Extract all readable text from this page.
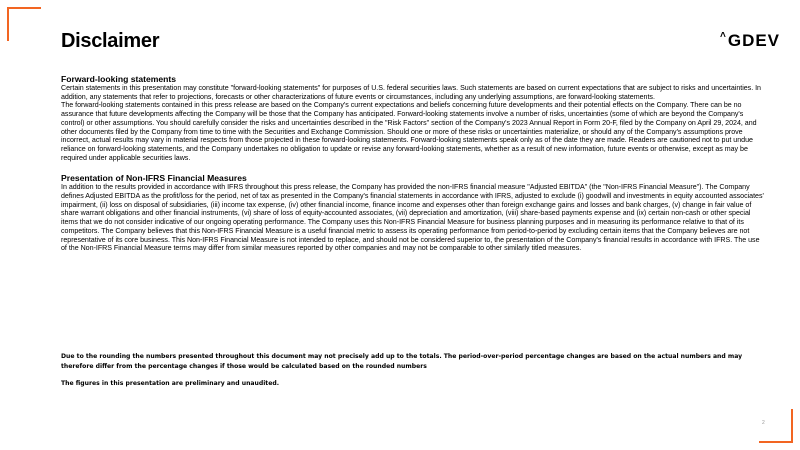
Disclaimer	˄ GDEV

Forward-looking statements

Certain statements in this presentation may constitute "forward-looking statements" for purposes of U.S. federal securities laws. Such statements are based on current expectations that are subject to risks and uncertainties. In addition, any statements that refer to projections, forecasts or other characterizations of future events or circumstances, including any underlying assumptions, are forward-looking statements.

The forward-looking statements contained in this press release are based on the Company's current expectations and beliefs concerning future developments and their potential effects on the Company. There can be no assurance that future developments affecting the Company will be those that the Company has anticipated. Forward-looking statements involve a number of risks, uncertainties (some of which are beyond the Company's control) or other assumptions. You should carefully consider the risks and uncertainties described in the "Risk Factors" section of the Company's 2023 Annual Report in Form 20-F, filed by the Company on April 29, 2024, and other documents filed by the Company from time to time with the Securities and Exchange Commission. Should one or more of these risks or uncertainties materialize, or should any of the Company's assumptions prove incorrect, actual results may vary in material respects from those projected in these forward-looking statements. Forward-looking statements speak only as of the date they are made. Readers are cautioned not to put undue reliance on forward-looking statements, and the Company undertakes no obligation to update or revise any forward-looking statements, whether as a result of new information, future events or otherwise, except as may be required under applicable securities laws.

Presentation of Non-IFRS Financial Measures

In addition to the results provided in accordance with IFRS throughout this press release, the Company has provided the non-IFRS financial measure "Adjusted EBITDA" (the "Non-IFRS Financial Measure"). The Company defines Adjusted EBITDA as the profit/loss for the period, net of tax as presented in the Company's financial statements in accordance with IFRS, adjusted to exclude (i) goodwill and investments in equity accounted associates' impairment, (ii) loss on disposal of subsidiaries, (iii) income tax expense, (iv) other financial income, finance income and expenses other than foreign exchange gains and losses and bank charges, (v) change in fair value of share warrant obligations and other financial instruments, (vi) share of loss of equity-accounted associates, (vii) depreciation and amortization, (viii) share-based payments expense and (ix) certain non-cash or other special items that we do not consider indicative of our ongoing operating performance. The Company uses this Non-IFRS Financial Measure for business planning purposes and in measuring its performance relative to that of its competitors. The Company believes that this Non-IFRS Financial Measure is a useful financial metric to assess its operating performance from period-to-period by excluding certain items that the Company believes are not representative of its core business. This Non-IFRS Financial Measure is not intended to replace, and should not be considered superior to, the presentation of the Company's financial results in accordance with IFRS. The use of the Non-IFRS Financial Measure terms may differ from similar measures reported by other companies and may not be comparable to other similarly titled measures.

Due to the rounding the numbers presented throughout this document may not precisely add up to the totals. The period-over-period percentage changes are based on the actual numbers and may therefore differ from the percentage changes if those would be calculated based on the rounded numbers

The figures in this presentation are preliminary and unaudited.

2
